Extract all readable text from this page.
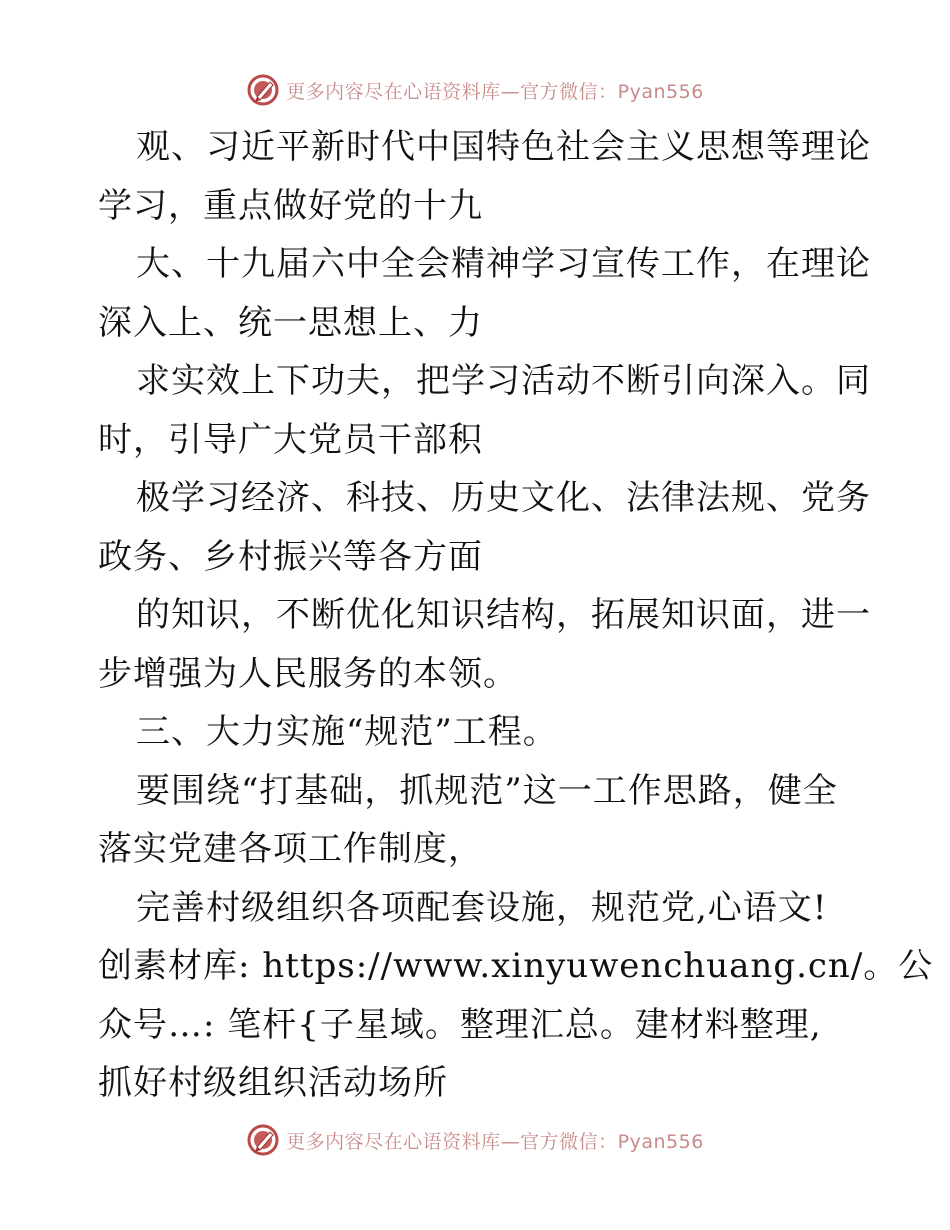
更多内容尽在心语资料库—官方微信：Pyan556
观、习近平新时代中国特色社会主义思想等理论
学习，重点做好党的十九
大、十九届六中全会精神学习宣传工作，在理论
深入上、统一思想上、力
求实效上下功夫，把学习活动不断引向深入。同
时，引导广大党员干部积
极学习经济、科技、历史文化、法律法规、党务
政务、乡村振兴等各方面
的知识，不断优化知识结构，拓展知识面，进一
步增强为人民服务的本领。
三、大力实施“规范”工程。
要围绕“打基础，抓规范”这一工作思路，健全
落实党建各项工作制度，
完善村级组织各项配套设施，规范党,心语文!
创素材库: https://www.xinyuwenchuang.cn/。公
众号…: 笔杆{子星域。整理汇总。建材料整理,
抓好村级组织活动场所
更多内容尽在心语资料库—官方微信：Pyan556
